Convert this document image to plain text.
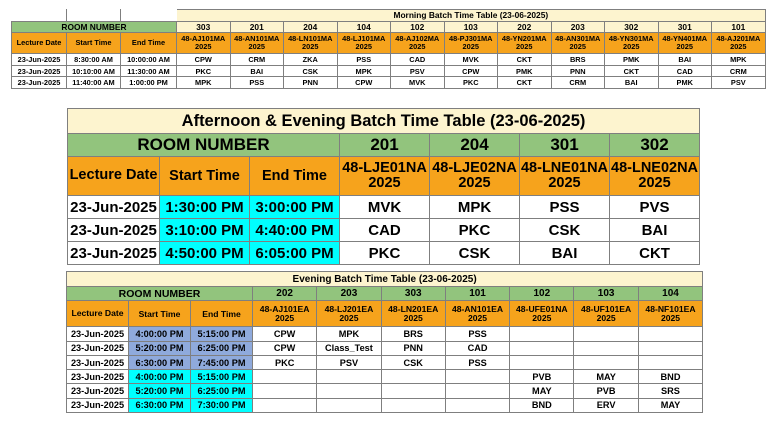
			Morning Batch Time Table (23-06-2025)										
ROOM NUMBER			303	201	204	104	102	103	202	203	302	301	101
Lecture Date	Start Time	End Time	48-AJ101MA 2025	48-AN101MA 2025	48-LN101MA 2025	48-LJ101MA 2025	48-AJ102MA 2025	48-PJ301MA 2025	48-YN201MA 2025	48-AN301MA 2025	48-YN301MA 2025	48-YN401MA 2025	48-AJ201MA 2025
23-Jun-2025	8:30:00 AM	10:00:00 AM	CPW	CRM	ZKA	PSS	CAD	MVK	CKT	BRS	PMK	BAI	MPK
23-Jun-2025	10:10:00 AM	11:30:00 AM	PKC	BAI	CSK	MPK	PSV	CPW	PMK	PNN	CKT	CAD	CRM
23-Jun-2025	11:40:00 AM	1:00:00 PM	MPK	PSS	PNN	CPW	MVK	PKC	CKT	CRM	BAI	PMK	PSV
Afternoon & Evening Batch Time Table (23-06-2025)						
ROOM NUMBER			201	204	301	302
Lecture Date	Start Time	End Time	48-LJE01NA 2025	48-LJE02NA 2025	48-LNE01NA 2025	48-LNE02NA 2025
23-Jun-2025	1:30:00 PM	3:00:00 PM	MVK	MPK	PSS	PVS
23-Jun-2025	3:10:00 PM	4:40:00 PM	CAD	PKC	CSK	BAI
23-Jun-2025	4:50:00 PM	6:05:00 PM	PKC	CSK	BAI	CKT
Evening Batch Time Table (23-06-2025)									
ROOM NUMBER			202	203	303	101	102	103	104
Lecture Date	Start Time	End Time	48-AJ101EA 2025	48-LJ201EA 2025	48-LN201EA 2025	48-AN101EA 2025	48-UFE01NA 2025	48-UF101EA 2025	48-NF101EA 2025
23-Jun-2025	4:00:00 PM	5:15:00 PM	CPW	MPK	BRS	PSS			
23-Jun-2025	5:20:00 PM	6:25:00 PM	CPW	Class_Test	PNN	CAD			
23-Jun-2025	6:30:00 PM	7:45:00 PM	PKC	PSV	CSK	PSS			
23-Jun-2025	4:00:00 PM	5:15:00 PM					PVB	MAY	BND
23-Jun-2025	5:20:00 PM	6:25:00 PM					MAY	PVB	SRS
23-Jun-2025	6:30:00 PM	7:30:00 PM					BND	ERV	MAY
